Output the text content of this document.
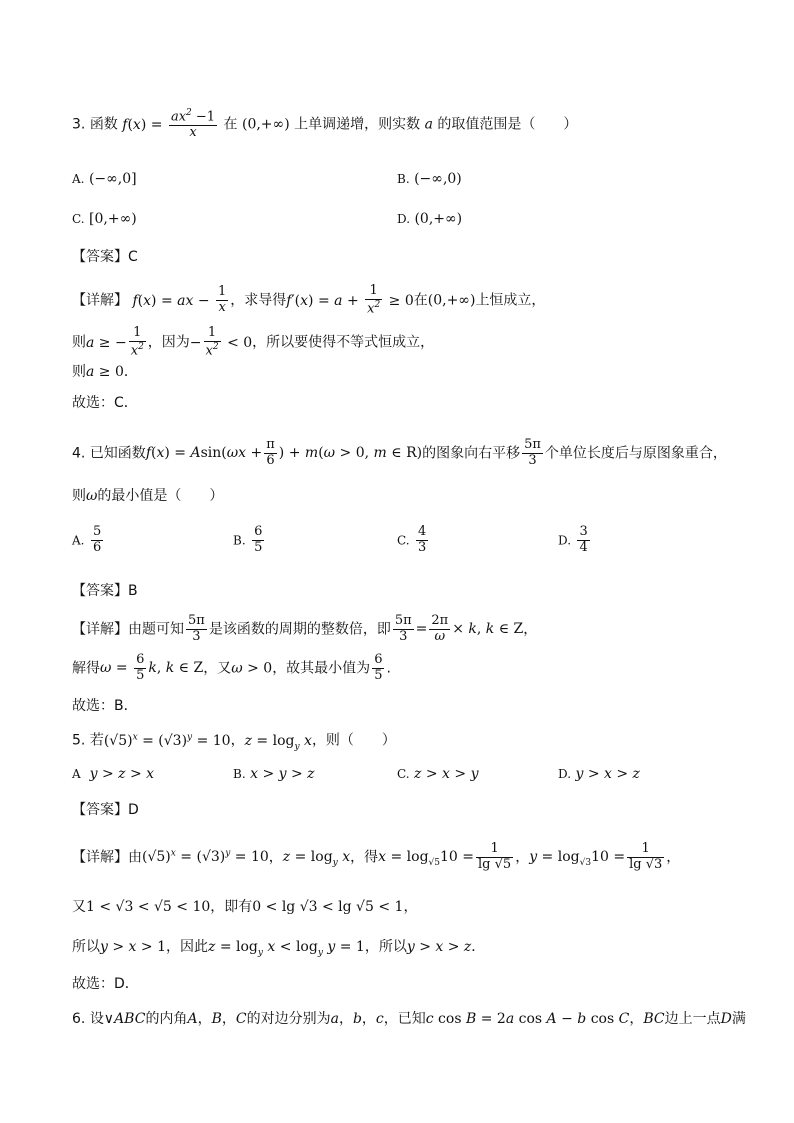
3. 函数 $f(x) = \frac{ax^2 -1}{x}$ 在 (0,+∞) 上单调递增，则实数 a 的取值范围是（　　）
A. (−∞,0]	B. (−∞,0)
C. [0,+∞)	D. (0,+∞)
【答案】C
【详解】 f(x) = ax − $\frac{1}{x}$ ，求导得$f'(x) = a + \frac{1}{x^2} \ge 0$在(0,+∞)上恒成立，
则a ≥ − $\frac{1}{x^2}$ ，因为− $\frac{1}{x^2} < 0$，所以要使得不等式恒成立，
则a ≥ 0．
故选：C．
4. 已知函数$f(x) = Asin(\omega x + \frac{\pi}{6}$ ) + m(ω > 0, m ∈ R)的图象向右平移 $\frac{5\pi}{3}$ 个单位长度后与原图象重合，
则ω的最小值是（　　）
A. $\frac{5}{6}$	B. $\frac{6}{5}$	C. $\frac{4}{3}$	D. $\frac{3}{4}$
【答案】B
【详解】由题可知 $\frac{5\pi}{3}$ 是该函数的周期的整数倍，即 $\frac{5\pi}{3} = \frac{2\pi}{\omega} \times k$, k ∈ Z，
解得$\omega = \frac{6}{5} k$, k ∈ Z，又ω > 0，故其最小值为 $\frac{6}{5}$ .
故选：B．
5. 若$(√5)^x = (√3)^y = 10$，$z = \log_y x$，则（　　）
A y > z > x	B. x > y > z	C. z > x > y	D. y > x > z
【答案】D
【详解】由$(√5)^x = (√3)^y = 10$，$z = \log_y x$，得$x = \log_{√5}10 = \frac{1}{\lg √5}$ ，$y = \log_{√3}10 = \frac{1}{\lg √3}$ ，
又1 < √3 < √5 < 10，即有0 < lg √3 < lg √5 < 1，
所以y > x > 1，因此$z = \log_y x < \log_y y = 1$，所以y > x > z．
故选：D．
6. 设∨ABC的内角A，B，C的对边分别为a，b，c，已知c cos B = 2a cos A − b cos C，BC边上一点D满
